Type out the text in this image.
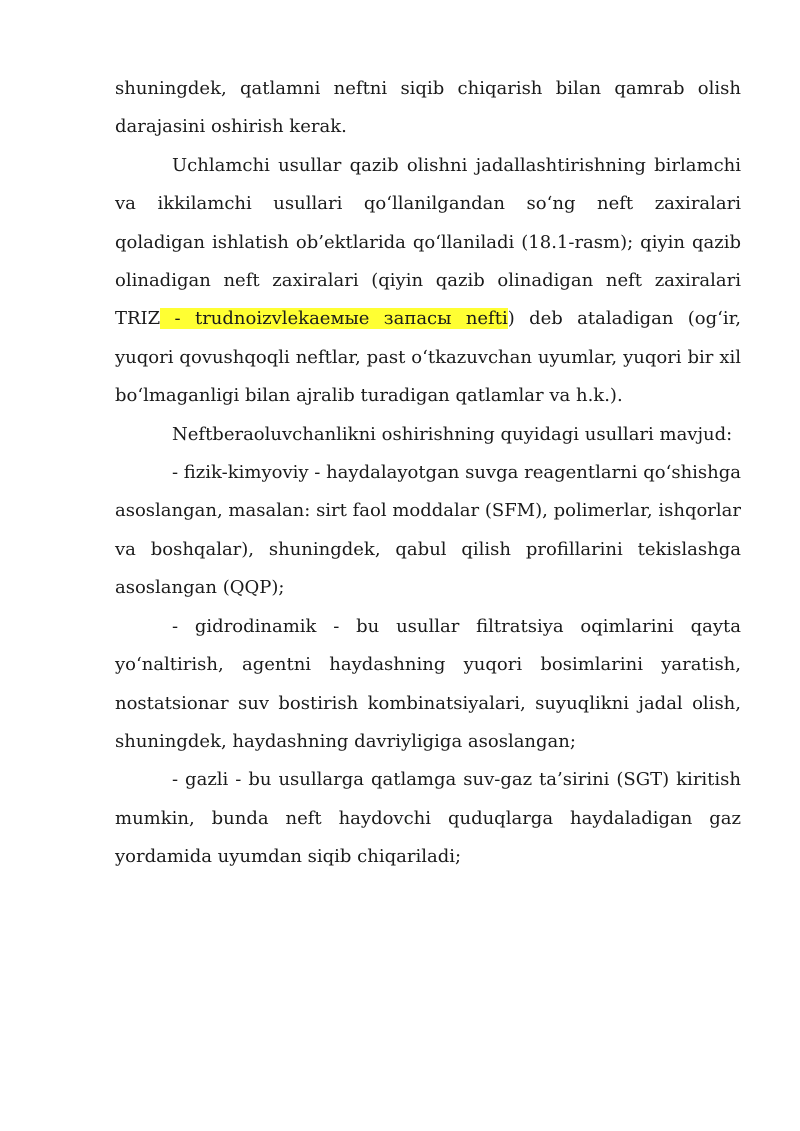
shuningdek, qatlamni neftni siqib chiqarish bilan qamrab olish darajasini oshirish kerak.

Uchlamchi usullar qazib olishni jadallashtirishning birlamchi va ikkilamchi usullari qo‘llanilgandan so‘ng neft zaxiralari qoladigan ishlatish ob’ektlarida qo‘llaniladi (18.1-rasm); qiyin qazib olinadigan neft zaxiralari (qiyin qazib olinadigan neft zaxiralari TRIZ - trudnoizvlekaeмые запасы nefti) deb ataladigan (og‘ir, yuqori qovushqoqli neftlar, past o‘tkazuvchan uyumlar, yuqori bir xil bo‘lmaganligi bilan ajralib turadigan qatlamlar va h.k.).

Neftberaoluvchanlikni oshirishning quyidagi usullari mavjud:

- fizik-kimyoviy - haydalayotgan suvga reagentlarni qo‘shishga asoslangan, masalan: sirt faol moddalar (SFM), polimerlar, ishqorlar va boshqalar), shuningdek, qabul qilish profillarini tekislashga asoslangan (QQP);

- gidrodinamik - bu usullar filtratsiya oqimlarini qayta yo‘naltirish, agentni haydashning yuqori bosimlarini yaratish, nostatsionar suv bostirish kombinatsiyalari, suyuqlikni jadal olish, shuningdek, haydashning davriyligiga asoslangan;

- gazli - bu usullarga qatlamga suv-gaz ta’sirini (SGT) kiritish mumkin, bunda neft haydovchi quduqlarga haydaladigan gaz yordamida uyumdan siqib chiqariladi;
